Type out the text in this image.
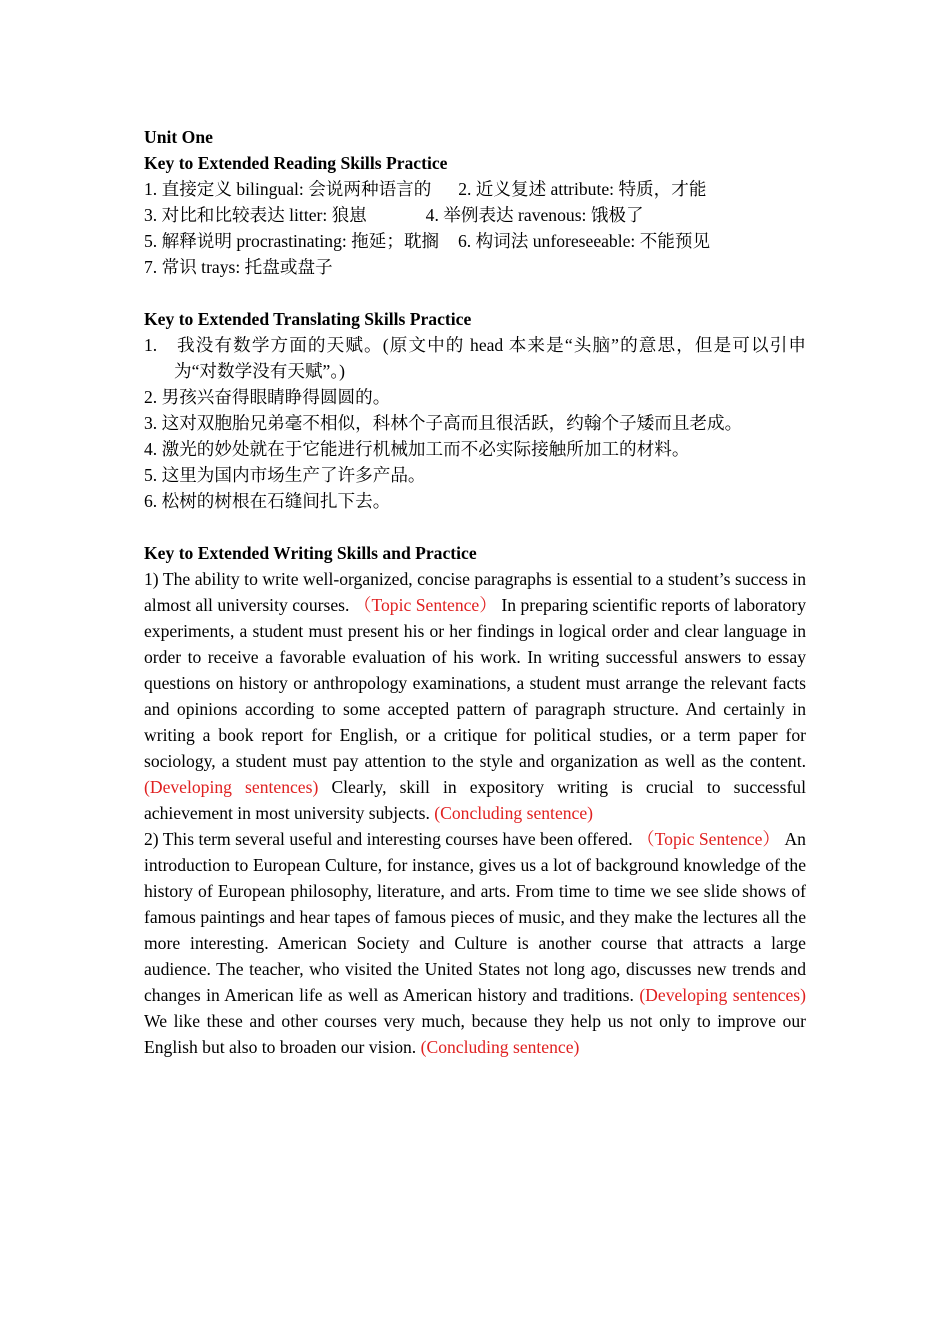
Unit One
Key to Extended Reading Skills Practice
1. 直接定义 bilingual: 会说两种语言的 2. 近义复述 attribute: 特质，才能
3. 对比和比较表达 litter: 狼崽	4. 举例表达 ravenous: 饿极了
5. 解释说明 procrastinating: 拖延；耽搁 6. 构词法 unforeseeable: 不能预见
7. 常识 trays: 托盘或盘子
Key to Extended Translating Skills Practice
1.　我没有数学方面的天赋。(原文中的 head 本来是“头脑”的意思，但是可以引申为“对数学没有天赋”。)
2. 男孩兴奋得眼睛睁得圆圆的。
3. 这对双胞胎兄弟毫不相似，科林个子高而且很活跃，约翰个子矮而且老成。
4. 激光的妙处就在于它能进行机械加工而不必实际接触所加工的材料。
5. 这里为国内市场生产了许多产品。
6. 松树的树根在石缝间扎下去。
Key to Extended Writing Skills and Practice
1) The ability to write well-organized, concise paragraphs is essential to a student’s success in almost all university courses. （Topic Sentence） In preparing scientific reports of laboratory experiments, a student must present his or her findings in logical order and clear language in order to receive a favorable evaluation of his work. In writing successful answers to essay questions on history or anthropology examinations, a student must arrange the relevant facts and opinions according to some accepted pattern of paragraph structure. And certainly in writing a book report for English, or a critique for political studies, or a term paper for sociology, a student must pay attention to the style and organization as well as the content. (Developing sentences) Clearly, skill in expository writing is crucial to successful achievement in most university subjects. (Concluding sentence)
2) This term several useful and interesting courses have been offered. （Topic Sentence） An introduction to European Culture, for instance, gives us a lot of background knowledge of the history of European philosophy, literature, and arts. From time to time we see slide shows of famous paintings and hear tapes of famous pieces of music, and they make the lectures all the more interesting. American Society and Culture is another course that attracts a large audience. The teacher, who visited the United States not long ago, discusses new trends and changes in American life as well as American history and traditions. (Developing sentences) We like these and other courses very much, because they help us not only to improve our English but also to broaden our vision. (Concluding sentence)
